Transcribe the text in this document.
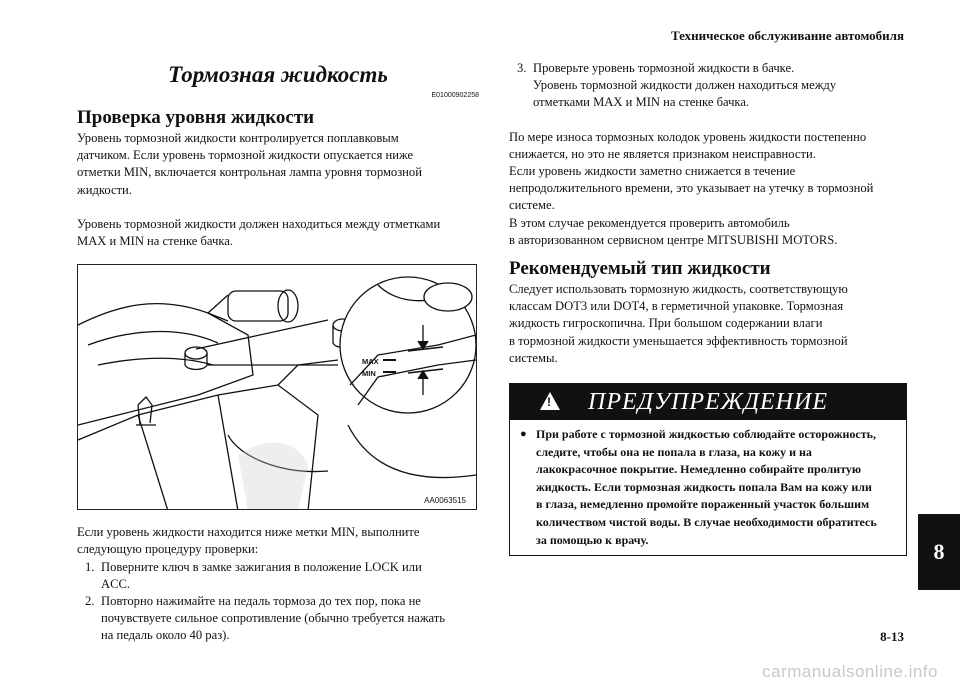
Техническое обслуживание автомобиля
Тормозная жидкость
E01000902258
Проверка уровня жидкости

Уровень тормозной жидкости контролируется поплавковым
датчиком. Если уровень тормозной жидкости опускается ниже
отметки MIN, включается контрольная лампа уровня тормозной
жидкости.

Уровень тормозной жидкости должен находиться между отметками
MAX и MIN на стенке бачка.

MAX
MIN
AA0063515

Если уровень жидкости находится ниже метки MIN, выполните
следующую процедуру проверки:

1. Поверните ключ в замке зажигания в положение LOCK или
ACC.
2. Повторно нажимайте на педаль тормоза до тех пор, пока не
почувствуете сильное сопротивление (обычно требуется нажать
на педаль около 40 раз).
3. Проверьте уровень тормозной жидкости в бачке.
Уровень тормозной жидкости должен находиться между
отметками MAX и MIN на стенке бачка.

По мере износа тормозных колодок уровень жидкости постепенно
снижается, но это не является признаком неисправности.
Если уровень жидкости заметно снижается в течение
непродолжительного времени, это указывает на утечку в тормозной
системе.
В этом случае рекомендуется проверить автомобиль
в авторизованном сервисном центре MITSUBISHI MOTORS.

Рекомендуемый тип жидкости

Следует использовать тормозную жидкость, соответствующую
классам DOT3 или DOT4, в герметичной упаковке. Тормозная
жидкость гигроскопична. При большом содержании влаги
в тормозной жидкости уменьшается эффективность тормозной
системы.

! ПРЕДУПРЕЖДЕНИЕ
● При работе с тормозной жидкостью соблюдайте осторожность,
следите, чтобы она не попала в глаза, на кожу и на
лакокрасочное покрытие. Немедленно собирайте пролитую
жидкость. Если тормозная жидкость попала Вам на кожу или
в глаза, немедленно промойте пораженный участок большим
количеством чистой воды. В случае необходимости обратитесь
за помощью к врачу.	8
8-13
carmanualsonline.info
